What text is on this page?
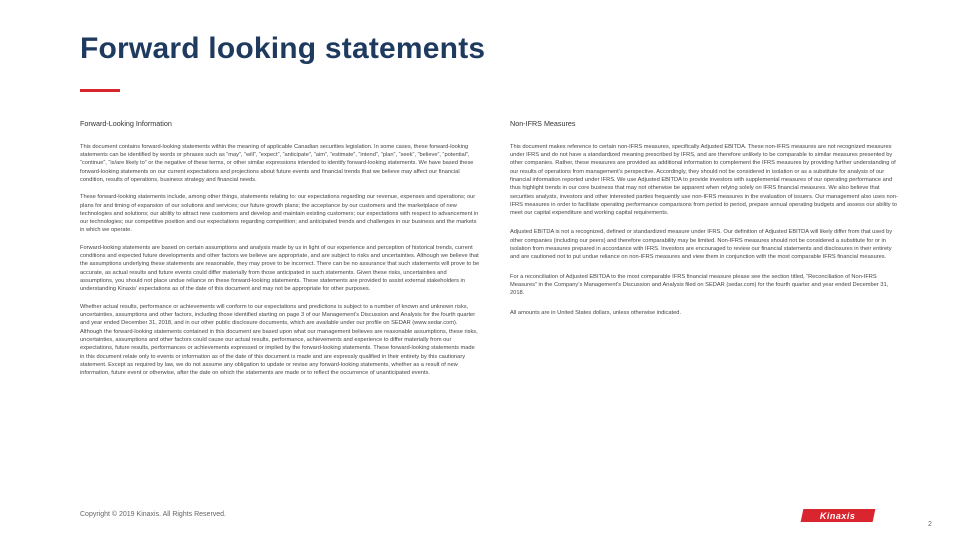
Forward looking statements
Forward-Looking Information

This document contains forward-looking statements within the meaning of applicable Canadian securities legislation. In some cases, these forward-looking statements can be identified by words or phrases such as “may”, “will”, “expect”, “anticipate”, “aim”, “estimate”, “intend”, “plan”, “seek”, “believe”, “potential”, “continue”, “is/are likely to” or the negative of these terms, or other similar expressions intended to identify forward-looking statements. We have based these forward-looking statements on our current expectations and projections about future events and financial trends that we believe may affect our financial condition, results of operations, business strategy and financial needs.

These forward-looking statements include, among other things, statements relating to: our expectations regarding our revenue, expenses and operations; our plans for and timing of expansion of our solutions and services; our future growth plans; the acceptance by our customers and the marketplace of new technologies and solutions; our ability to attract new customers and develop and maintain existing customers; our expectations with respect to advancement in our technologies; our competitive position and our expectations regarding competition; and anticipated trends and challenges in our business and the markets in which we operate.

Forward-looking statements are based on certain assumptions and analysis made by us in light of our experience and perception of historical trends, current conditions and expected future developments and other factors we believe are appropriate, and are subject to risks and uncertainties. Although we believe that the assumptions underlying these statements are reasonable, they may prove to be incorrect. There can be no assurance that such statements will prove to be accurate, as actual results and future events could differ materially from those anticipated in such statements. Given these risks, uncertainties and assumptions, you should not place undue reliance on these forward-looking statements. These statements are provided to assist external stakeholders in understanding Kinaxis’ expectations as of the date of this document and may not be appropriate for other purposes.

Whether actual results, performance or achievements will conform to our expectations and predictions is subject to a number of known and unknown risks, uncertainties, assumptions and other factors, including those identified starting on page 3 of our Management’s Discussion and Analysis for the fourth quarter and year ended December 31, 2018, and in our other public disclosure documents, which are available under our profile on SEDAR (www.sedar.com). Although the forward-looking statements contained in this document are based upon what our management believes are reasonable assumptions, these risks, uncertainties, assumptions and other factors could cause our actual results, performance, achievements and experience to differ materially from our expectations, future results, performances or achievements expressed or implied by the forward-looking statements. These forward-looking statements made in this document relate only to events or information as of the date of this document is made and are expressly qualified in their entirety by this cautionary statement. Except as required by law, we do not assume any obligation to update or revise any forward-looking statements, whether as a result of new information, future event or otherwise, after the date on which the statements are made or to reflect the occurrence of unanticipated events.

Non-IFRS Measures

This document makes reference to certain non-IFRS measures, specifically Adjusted EBITDA. These non-IFRS measures are not recognized measures under IFRS and do not have a standardized meaning prescribed by IFRS, and are therefore unlikely to be comparable to similar measures presented by other companies. Rather, these measures are provided as additional information to complement the IFRS measures by providing further understanding of our results of operations from management’s perspective. Accordingly, they should not be considered in isolation or as a substitute for analysis of our financial information reported under IFRS. We use Adjusted EBITDA to provide investors with supplemental measures of our operating performance and thus highlight trends in our core business that may not otherwise be apparent when relying solely on IFRS financial measures. We also believe that securities analysts, investors and other interested parties frequently use non-IFRS measures in the evaluation of issuers. Our management also uses non-IFRS measures in order to facilitate operating performance comparisons from period to period, prepare annual operating budgets and assess our ability to meet our capital expenditure and working capital requirements.

Adjusted EBITDA is not a recognized, defined or standardized measure under IFRS. Our definition of Adjusted EBITDA will likely differ from that used by other companies (including our peers) and therefore comparability may be limited. Non-IFRS measures should not be considered a substitute for or in isolation from measures prepared in accordance with IFRS. Investors are encouraged to review our financial statements and disclosures in their entirety and are cautioned not to put undue reliance on non-IFRS measures and view them in conjunction with the most comparable IFRS financial measures.

For a reconciliation of Adjusted EBITDA to the most comparable IFRS financial measure please see the section titled, “Reconciliation of Non-IFRS Measures” in the Company’s Management’s Discussion and Analysis filed on SEDAR (sedar.com) for the fourth quarter and year ended December 31, 2018.

All amounts are in United States dollars, unless otherwise indicated.

Copyright © 2019 Kinaxis. All Rights Reserved.	Kinaxis
2
